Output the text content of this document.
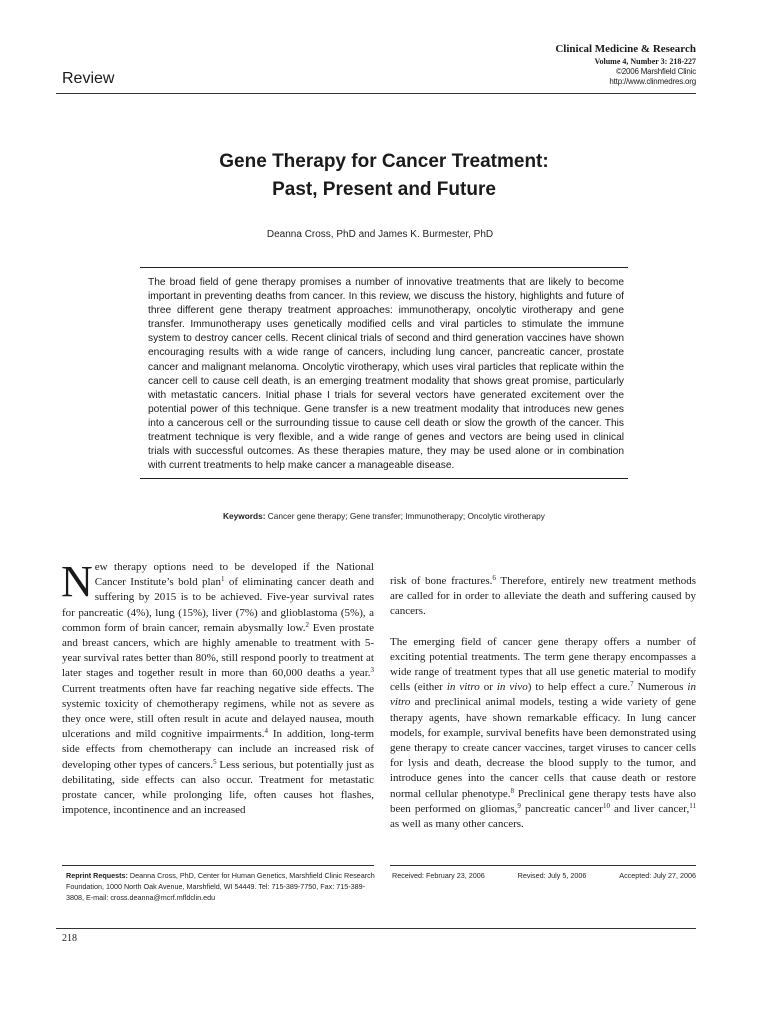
Clinical Medicine & Research
Volume 4, Number 3: 218-227
©2006 Marshfield Clinic
http://www.clinmedres.org
Review
Gene Therapy for Cancer Treatment:
Past, Present and Future
Deanna Cross, PhD and James K. Burmester, PhD

The broad field of gene therapy promises a number of innovative treatments that are likely to become important in preventing deaths from cancer. In this review, we discuss the history, highlights and future of three different gene therapy treatment approaches: immunotherapy, oncolytic virotherapy and gene transfer. Immunotherapy uses genetically modified cells and viral particles to stimulate the immune system to destroy cancer cells. Recent clinical trials of second and third generation vaccines have shown encouraging results with a wide range of cancers, including lung cancer, pancreatic cancer, prostate cancer and malignant melanoma. Oncolytic virotherapy, which uses viral particles that replicate within the cancer cell to cause cell death, is an emerging treatment modality that shows great promise, particularly with metastatic cancers. Initial phase I trials for several vectors have generated excitement over the potential power of this technique. Gene transfer is a new treatment modality that introduces new genes into a cancerous cell or the surrounding tissue to cause cell death or slow the growth of the cancer. This treatment technique is very flexible, and a wide range of genes and vectors are being used in clinical trials with successful outcomes. As these therapies mature, they may be used alone or in combination with current treatments to help make cancer a manageable disease.

Keywords: Cancer gene therapy; Gene transfer; Immunotherapy; Oncolytic virotherapy

New therapy options need to be developed if the National Cancer Institute’s bold plan$^1$ of eliminating cancer death and suffering by 2015 is to be achieved. Five-year survival rates for pancreatic (4%), lung (15%), liver (7%) and glioblastoma (5%), a common form of brain cancer, remain abysmally low.$^2$ Even prostate and breast cancers, which are highly amenable to treatment with 5-year survival rates better than 80%, still respond poorly to treatment at later stages and together result in more than 60,000 deaths a year.$^3$ Current treatments often have far reaching negative side effects. The systemic toxicity of chemotherapy regimens, while not as severe as they once were, still often result in acute and delayed nausea, mouth ulcerations and mild cognitive impairments.$^4$ In addition, long-term side effects from chemotherapy can include an increased risk of developing other types of cancers.$^5$ Less serious, but potentially just as debilitating, side effects can also occur. Treatment for metastatic prostate cancer, while prolonging life, often causes hot flashes, impotence, incontinence and an increased

risk of bone fractures.$^6$ Therefore, entirely new treatment methods are called for in order to alleviate the death and suffering caused by cancers.

The emerging field of cancer gene therapy offers a number of exciting potential treatments. The term gene therapy encompasses a wide range of treatment types that all use genetic material to modify cells (either in vitro or in vivo) to help effect a cure.$^7$ Numerous in vitro and preclinical animal models, testing a wide variety of gene therapy agents, have shown remarkable efficacy. In lung cancer models, for example, survival benefits have been demonstrated using gene therapy to create cancer vaccines, target viruses to cancer cells for lysis and death, decrease the blood supply to the tumor, and introduce genes into the cancer cells that cause death or restore normal cellular phenotype.$^8$ Preclinical gene therapy tests have also been performed on gliomas,$^9$ pancreatic cancer$^{10}$ and liver cancer,$^{11}$ as well as many other cancers.

Reprint Requests: Deanna Cross, PhD, Center for Human Genetics, Marshfield Clinic Research Foundation, 1000 North Oak Avenue, Marshfield, WI 54449. Tel: 715-389-7750, Fax: 715-389-3808, E-mail: cross.deanna@mcrf.mfldclin.edu
Received: February 23, 2006	Revised: July 5, 2006	Accepted: July 27, 2006
218
